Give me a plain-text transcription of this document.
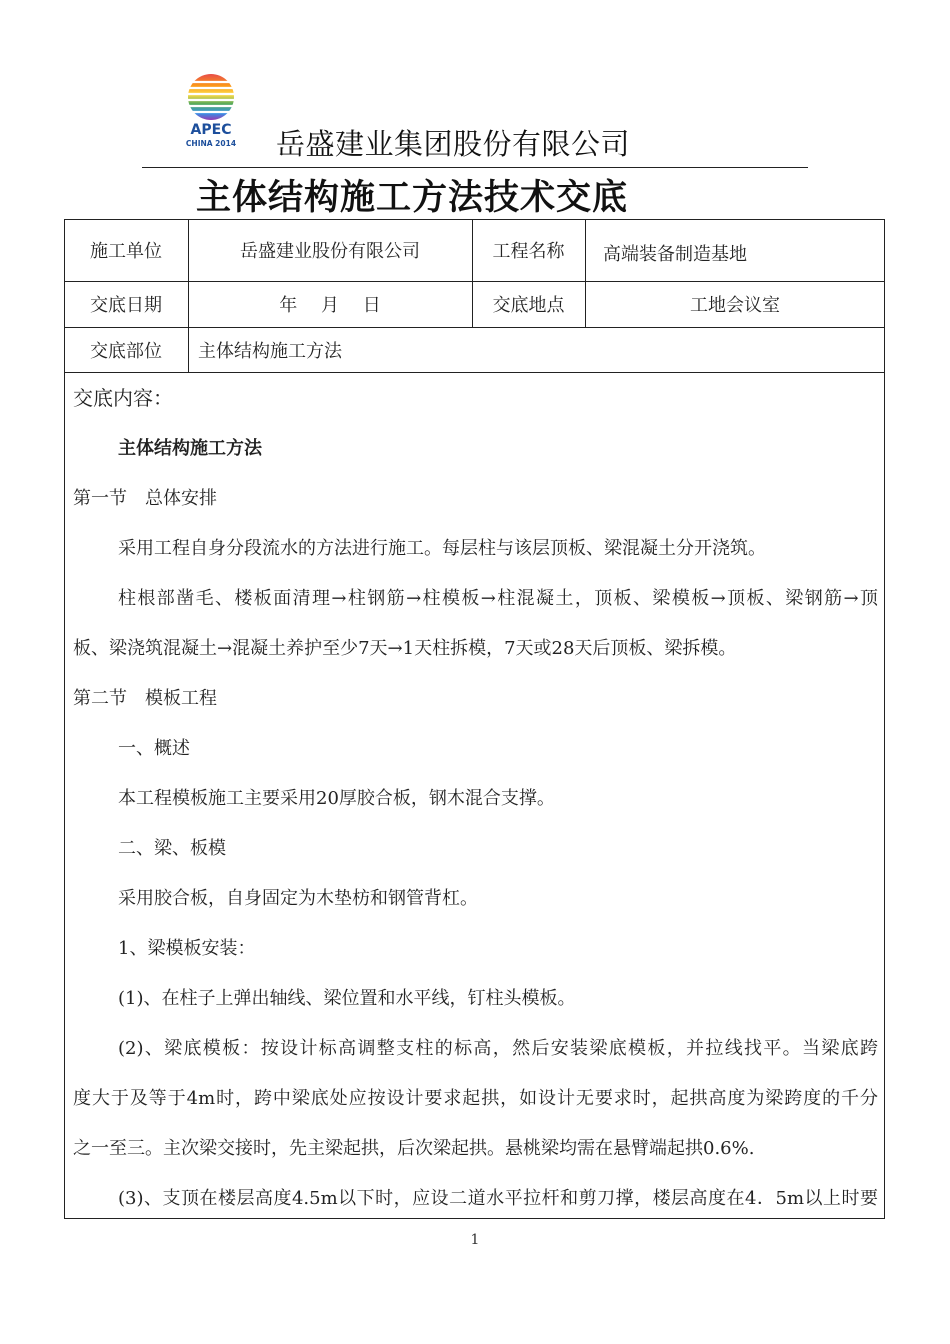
APEC
CHINA 2014 岳盛建业集团股份有限公司
主体结构施工方法技术交底
施工单位	岳盛建业股份有限公司	工程名称	高端装备制造基地
交底日期	年　 月　 日	交底地点	工地会议室
交底部位	主体结构施工方法

交底内容：

主体结构施工方法

第一节　总体安排

采用工程自身分段流水的方法进行施工。每层柱与该层顶板、梁混凝土分开浇筑。

柱根部凿毛、楼板面清理→柱钢筋→柱模板→柱混凝土，顶板、梁模板→顶板、梁钢筋→顶

板、梁浇筑混凝土→混凝土养护至少7天→1天柱拆模，7天或28天后顶板、梁拆模。

第二节　模板工程

一、概述

本工程模板施工主要采用20厚胶合板，钢木混合支撑。

二、梁、板模

采用胶合板，自身固定为木垫枋和钢管背杠。

1、梁模板安装：

(1)、在柱子上弹出轴线、梁位置和水平线，钉柱头模板。

(2)、梁底模板：按设计标高调整支柱的标高，然后安装梁底模板，并拉线找平。当梁底跨

度大于及等于4m时，跨中梁底处应按设计要求起拱，如设计无要求时，起拱高度为梁跨度的千分

之一至三。主次梁交接时，先主梁起拱，后次梁起拱。悬桃梁均需在悬臂端起拱0.6%.

(3)、支顶在楼层高度4.5m以下时，应设二道水平拉杆和剪刀撑，楼层高度在4．5m以上时要

1
